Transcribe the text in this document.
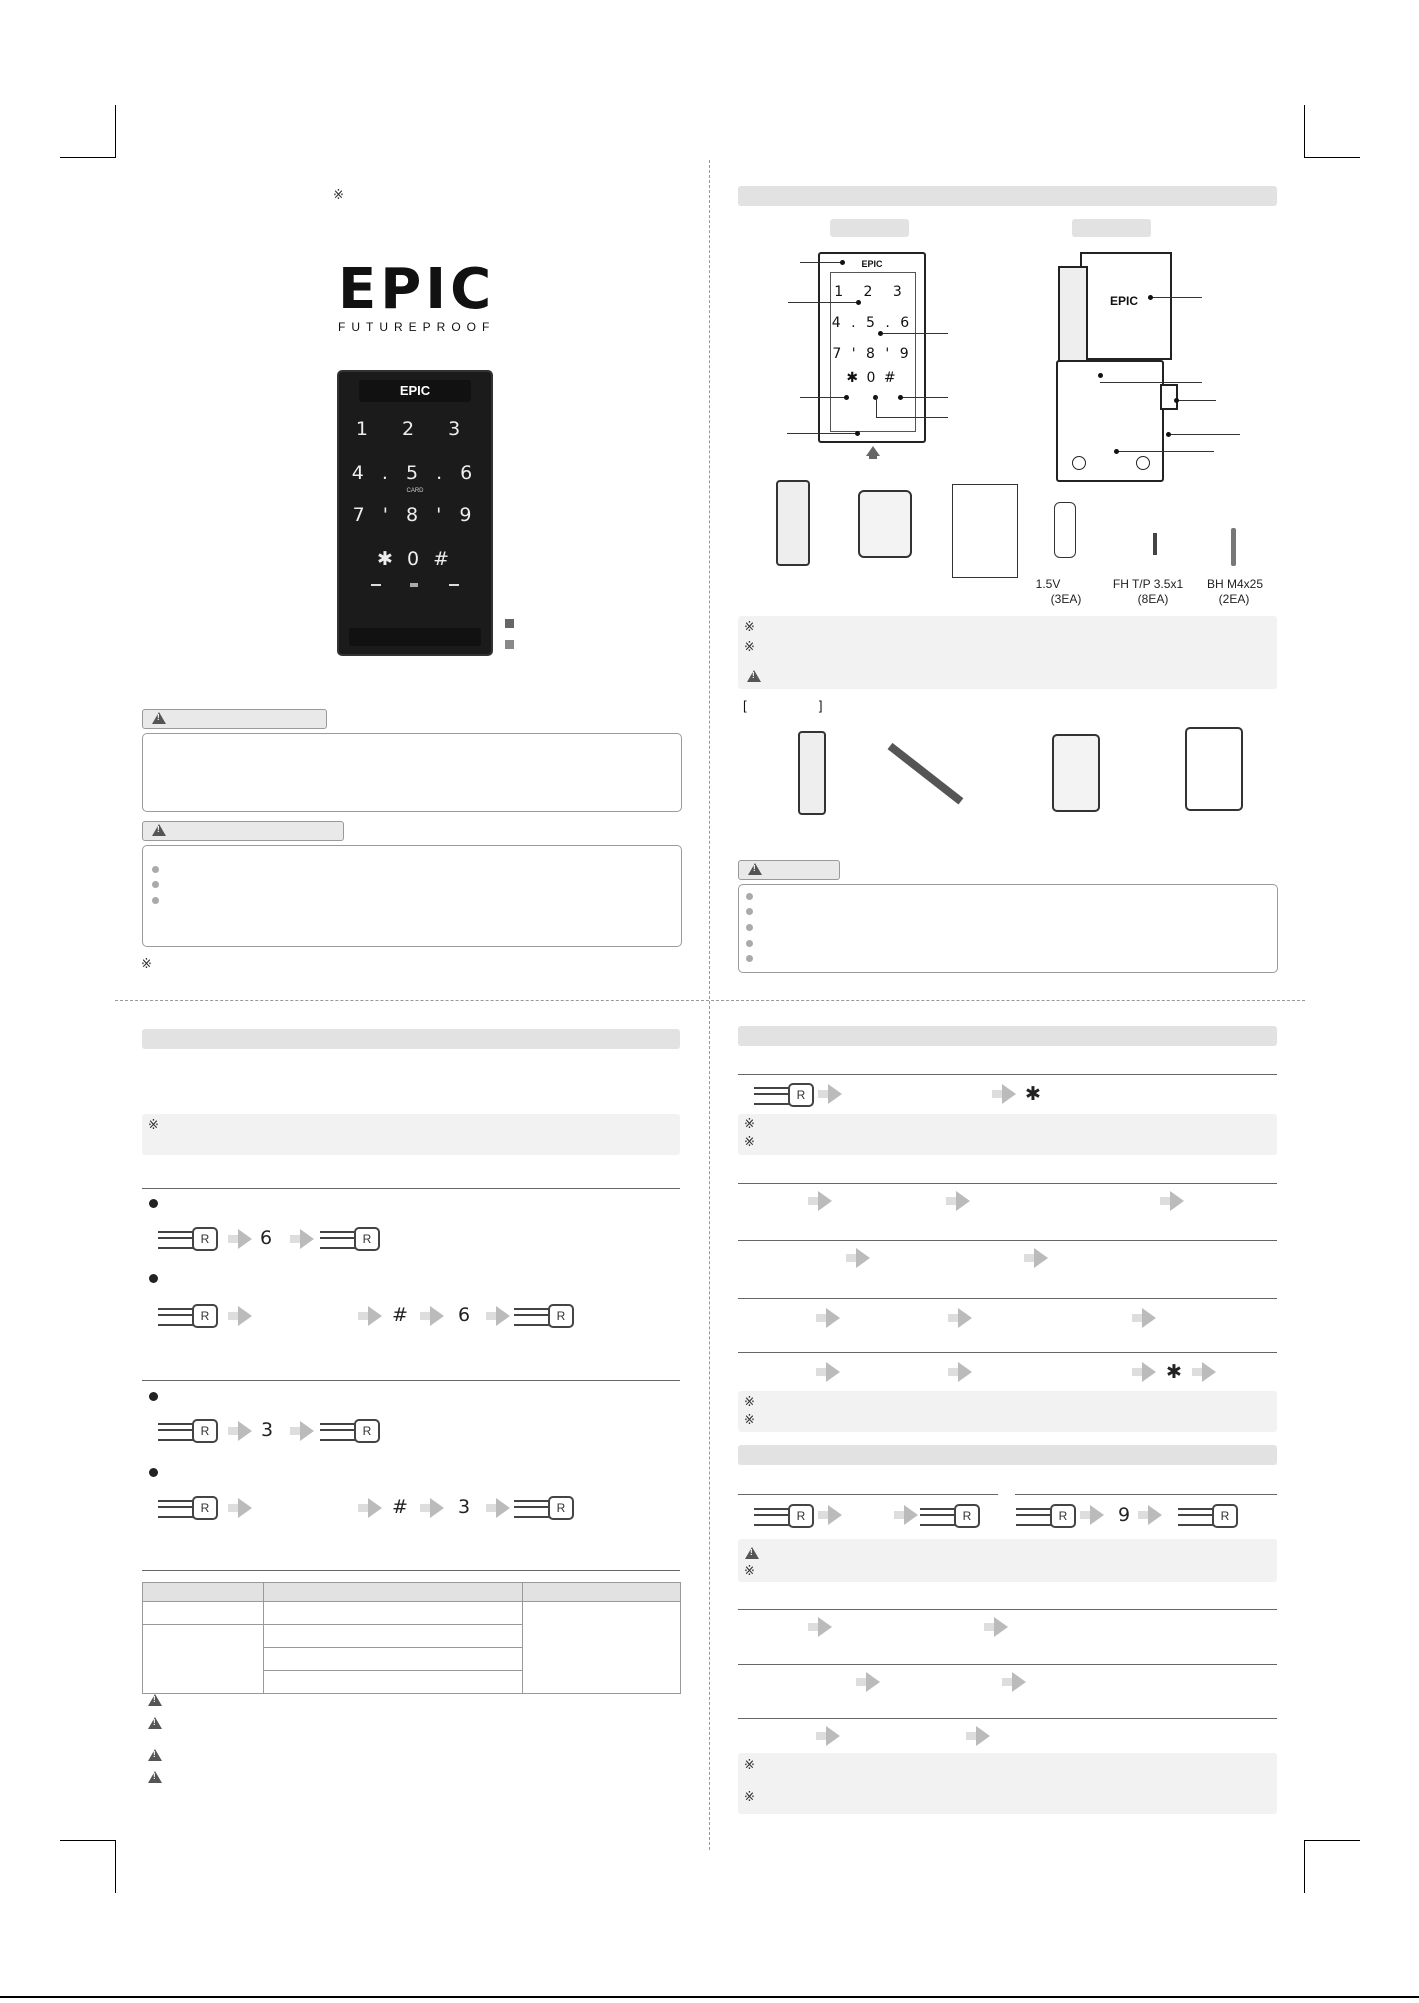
※
EPIC
FUTUREPROOF
EPIC
1 2 3
4 . 5 . 6
CARD
7 ' 8 ' 9
✱ 0 #
!
!
※
EPIC
1 2 3
4 . 5 . 6
7 ' 8 ' 9
✱ 0 #
EPIC
1.5V
(3EA)
FH T/P 3.5x1
(8EA)
BH M4x25
(2EA)
※
※
!
[                    ]
!
※
R	6	R
R	#	6	R
R	3	R
R	#	3	R

!
!
!
!
R	✱
※
※
✱
※
※
R	R	R	9	R
!
※
※
※
